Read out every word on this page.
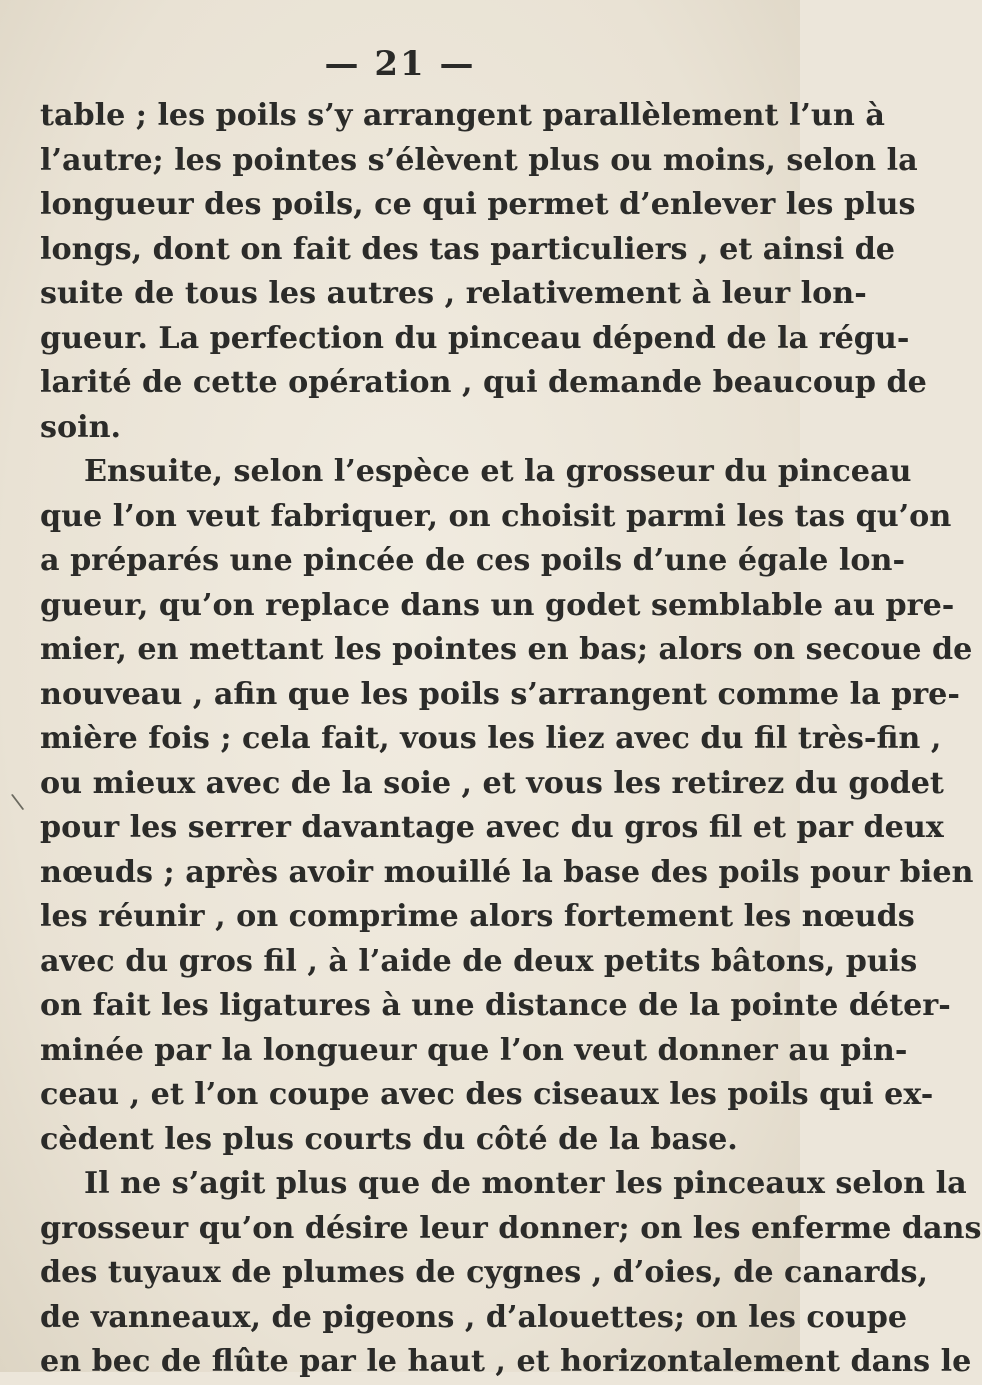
— 21 —
\
table ; les poils s’y arrangent parallèlement l’un à
l’autre; les pointes s’élèvent plus ou moins, selon la
longueur des poils, ce qui permet d’enlever les plus
longs, dont on fait des tas particuliers , et ainsi de
suite de tous les autres , relativement à leur lon-
gueur. La perfection du pinceau dépend de la régu-
larité de cette opération , qui demande beaucoup de
soin.
Ensuite, selon l’espèce et la grosseur du pinceau
que l’on veut fabriquer, on choisit parmi les tas qu’on
a préparés une pincée de ces poils d’une égale lon-
gueur, qu’on replace dans un godet semblable au pre-
mier, en mettant les pointes en bas; alors on secoue de
nouveau , afin que les poils s’arrangent comme la pre-
mière fois ; cela fait, vous les liez avec du fil très-fin ,
ou mieux avec de la soie , et vous les retirez du godet
pour les serrer davantage avec du gros fil et par deux
nœuds ; après avoir mouillé la base des poils pour bien
les réunir , on comprime alors fortement les nœuds
avec du gros fil , à l’aide de deux petits bâtons, puis
on fait les ligatures à une distance de la pointe déter-
minée par la longueur que l’on veut donner au pin-
ceau , et l’on coupe avec des ciseaux les poils qui ex-
cèdent les plus courts du côté de la base.
Il ne s’agit plus que de monter les pinceaux selon la
grosseur qu’on désire leur donner; on les enferme dans
des tuyaux de plumes de cygnes , d’oies, de canards,
de vanneaux, de pigeons , d’alouettes; on les coupe
en bec de flûte par le haut , et horizontalement dans le
